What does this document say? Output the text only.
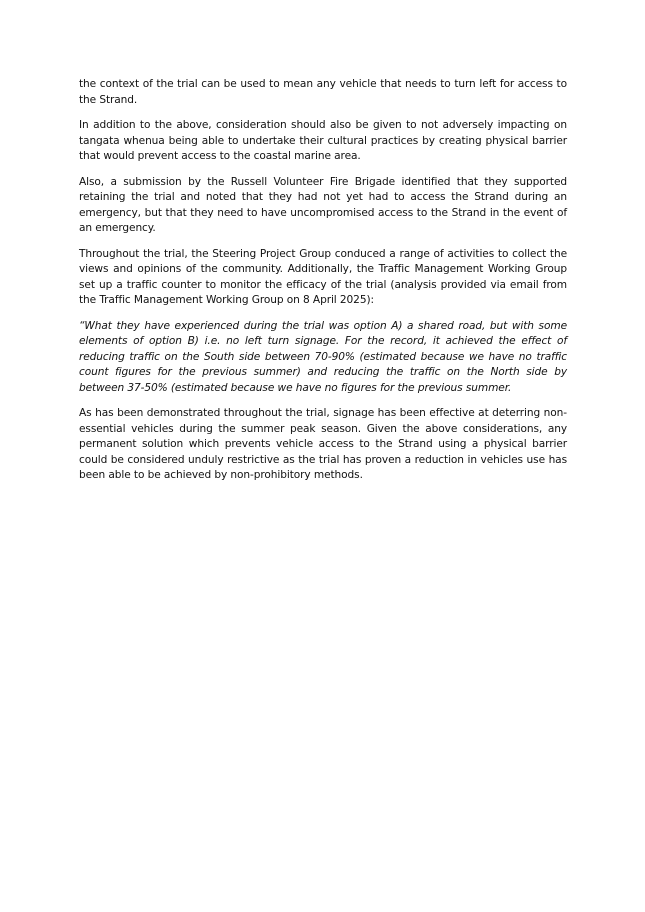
the context of the trial can be used to mean any vehicle that needs to turn left for access to the Strand.

In addition to the above, consideration should also be given to not adversely impacting on tangata whenua being able to undertake their cultural practices by creating physical barrier that would prevent access to the coastal marine area.

Also, a submission by the Russell Volunteer Fire Brigade identified that they supported retaining the trial and noted that they had not yet had to access the Strand during an emergency, but that they need to have uncompromised access to the Strand in the event of an emergency.

Throughout the trial, the Steering Project Group conduced a range of activities to collect the views and opinions of the community. Additionally, the Traffic Management Working Group set up a traffic counter to monitor the efficacy of the trial (analysis provided via email from the Traffic Management Working Group on 8 April 2025):

“What they have experienced during the trial was option A) a shared road, but with some elements of option B) i.e. no left turn signage. For the record, it achieved the effect of reducing traffic on the South side between 70-90% (estimated because we have no traffic count figures for the previous summer) and reducing the traffic on the North side by between 37-50% (estimated because we have no figures for the previous summer.

As has been demonstrated throughout the trial, signage has been effective at deterring non-essential vehicles during the summer peak season. Given the above considerations, any permanent solution which prevents vehicle access to the Strand using a physical barrier could be considered unduly restrictive as the trial has proven a reduction in vehicles use has been able to be achieved by non-prohibitory methods.
